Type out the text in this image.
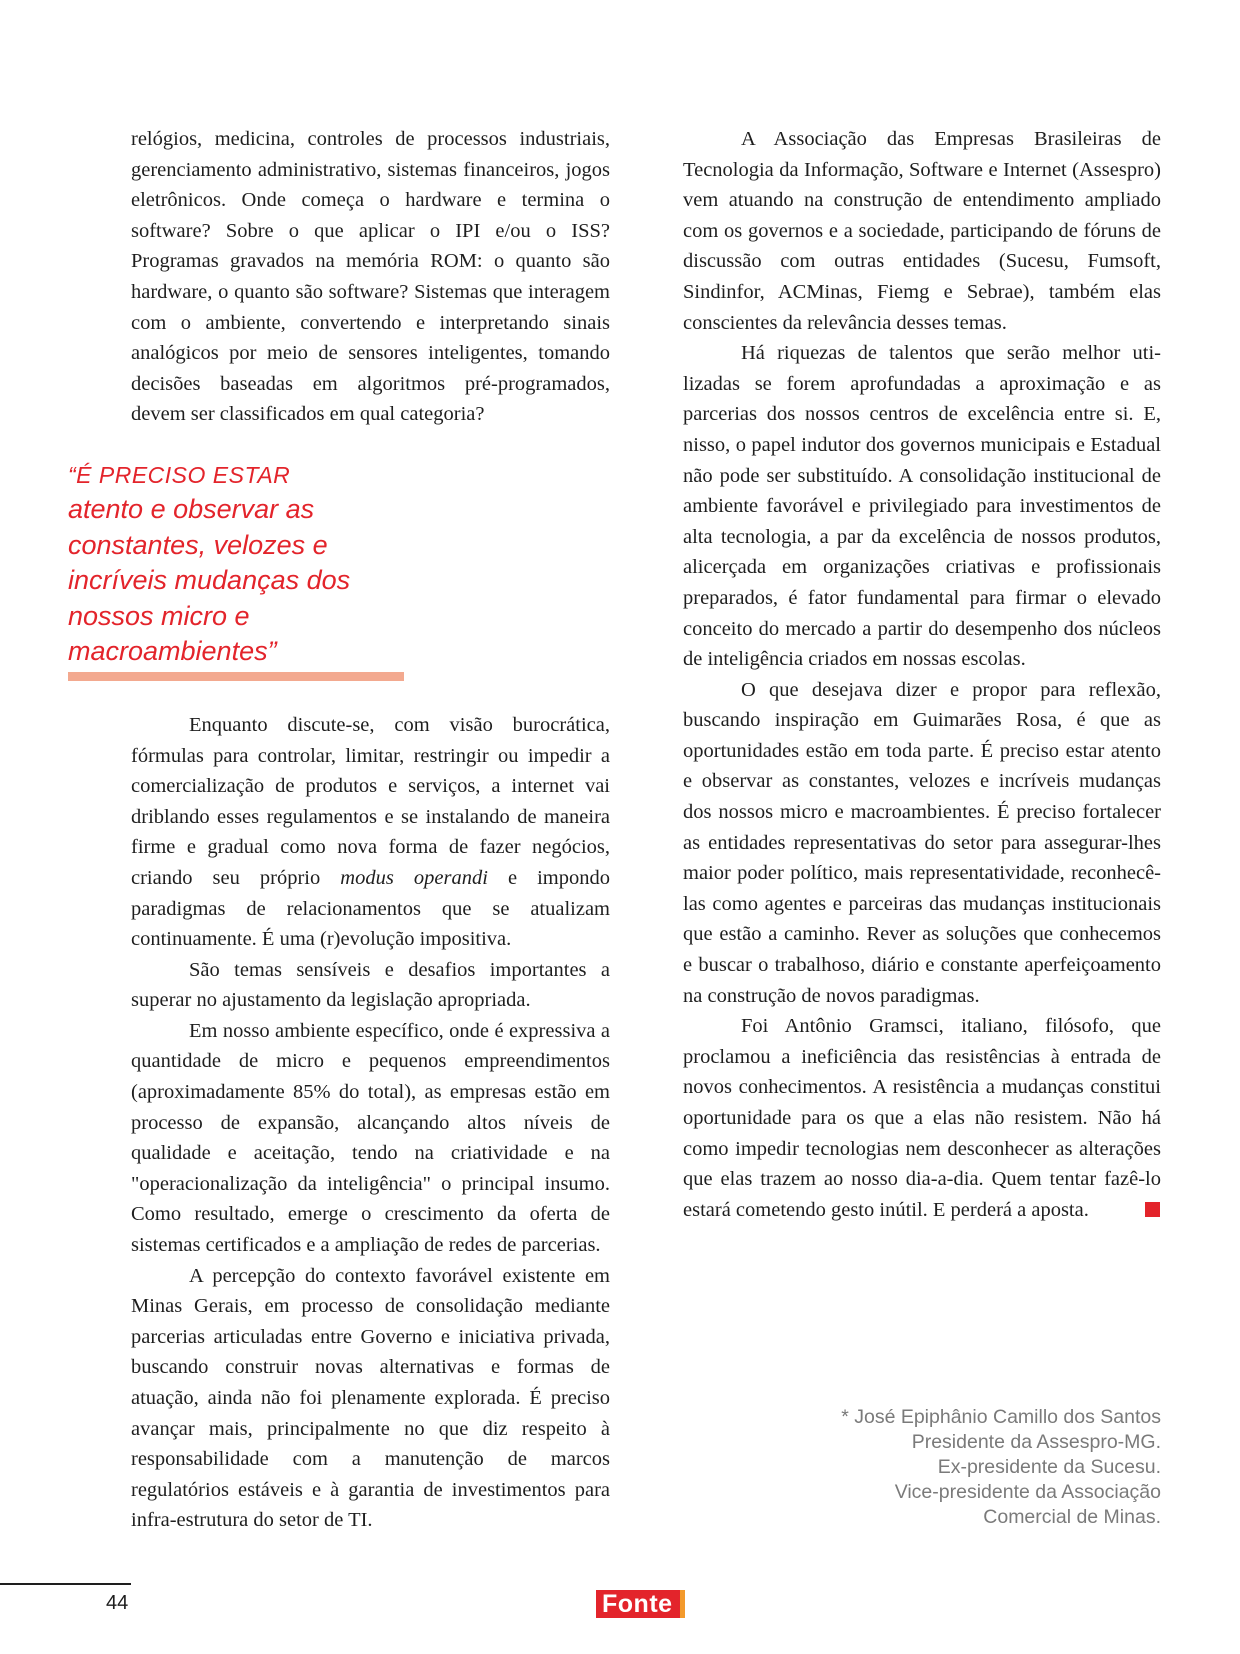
relógios, medicina, controles de processos industriais, gerenciamento administrativo, sistemas financeiros, jogos eletrônicos. Onde começa o hardware e termina o software? Sobre o que aplicar o IPI e/ou o ISS? Programas gravados na memória ROM: o quanto são hardware, o quanto são software? Sistemas que interagem com o ambiente, convertendo e interpretando sinais analógicos por meio de sensores inteligentes, tomando decisões baseadas em algoritmos pré-programados, devem ser classificados em qual categoria?

“É PRECISO ESTAR
atento e observar as constantes, velozes e incríveis mudanças dos nossos micro e macroambientes”

Enquanto discute-se, com visão burocrática, fórmulas para controlar, limitar, restringir ou impedir a comercialização de produtos e serviços, a internet vai driblando esses regulamentos e se instalando de maneira firme e gradual como nova forma de fazer negócios, criando seu próprio modus operandi e impondo paradigmas de relacionamentos que se atualizam continuamente. É uma (r)evolução impositiva.

São temas sensíveis e desafios importantes a superar no ajustamento da legislação apropriada.

Em nosso ambiente específico, onde é expressiva a quantidade de micro e pequenos empreendimentos (aproximadamente 85% do total), as empresas estão em processo de expansão, alcançando altos níveis de qualidade e aceitação, tendo na criatividade e na "operacionalização da inteligência" o principal insumo. Como resultado, emerge o crescimento da oferta de sistemas certificados e a ampliação de redes de parcerias.

A percepção do contexto favorável existente em Minas Gerais, em processo de consolidação mediante parcerias articuladas entre Governo e iniciativa privada, buscando construir novas alternativas e formas de atuação, ainda não foi plenamente explorada. É preciso avançar mais, principalmente no que diz respeito à responsabilidade com a manutenção de marcos regulatórios estáveis e à garantia de investimentos para infra-estrutura do setor de TI.

A Associação das Empresas Brasileiras de Tecnologia da Informação, Software e Internet (Assespro) vem atuando na construção de entendimento ampliado com os governos e a sociedade, participando de fóruns de discussão com outras entidades (Sucesu, Fumsoft, Sindinfor, ACMinas, Fiemg e Sebrae), também elas conscientes da relevância desses temas.

Há riquezas de talentos que serão melhor utilizadas se forem aprofundadas a aproximação e as parcerias dos nossos centros de excelência entre si. E, nisso, o papel indutor dos governos municipais e Estadual não pode ser substituído. A consolidação institucional de ambiente favorável e privilegiado para investimentos de alta tecnologia, a par da excelência de nossos produtos, alicerçada em organizações criativas e profissionais preparados, é fator fundamental para firmar o elevado conceito do mercado a partir do desempenho dos núcleos de inteligência criados em nossas escolas.

O que desejava dizer e propor para reflexão, buscando inspiração em Guimarães Rosa, é que as oportunidades estão em toda parte. É preciso estar atento e observar as constantes, velozes e incríveis mudanças dos nossos micro e macroambientes. É preciso fortalecer as entidades representativas do setor para assegurar-lhes maior poder político, mais representatividade, reconhecê-las como agentes e parceiras das mudanças institucionais que estão a caminho. Rever as soluções que conhecemos e buscar o trabalhoso, diário e constante aperfeiçoamento na construção de novos paradigmas.

Foi Antônio Gramsci, italiano, filósofo, que proclamou a ineficiência das resistências à entrada de novos conhecimentos. A resistência a mudanças constitui oportunidade para os que a elas não resistem. Não há como impedir tecnologias nem desconhecer as alterações que elas trazem ao nosso dia-a-dia. Quem tentar fazê-lo estará cometendo gesto inútil. E perderá a aposta.

* José Epiphânio Camillo dos Santos
Presidente da Assespro-MG.
Ex-presidente da Sucesu.
Vice-presidente da Associação
Comercial de Minas.
44	Fonte
